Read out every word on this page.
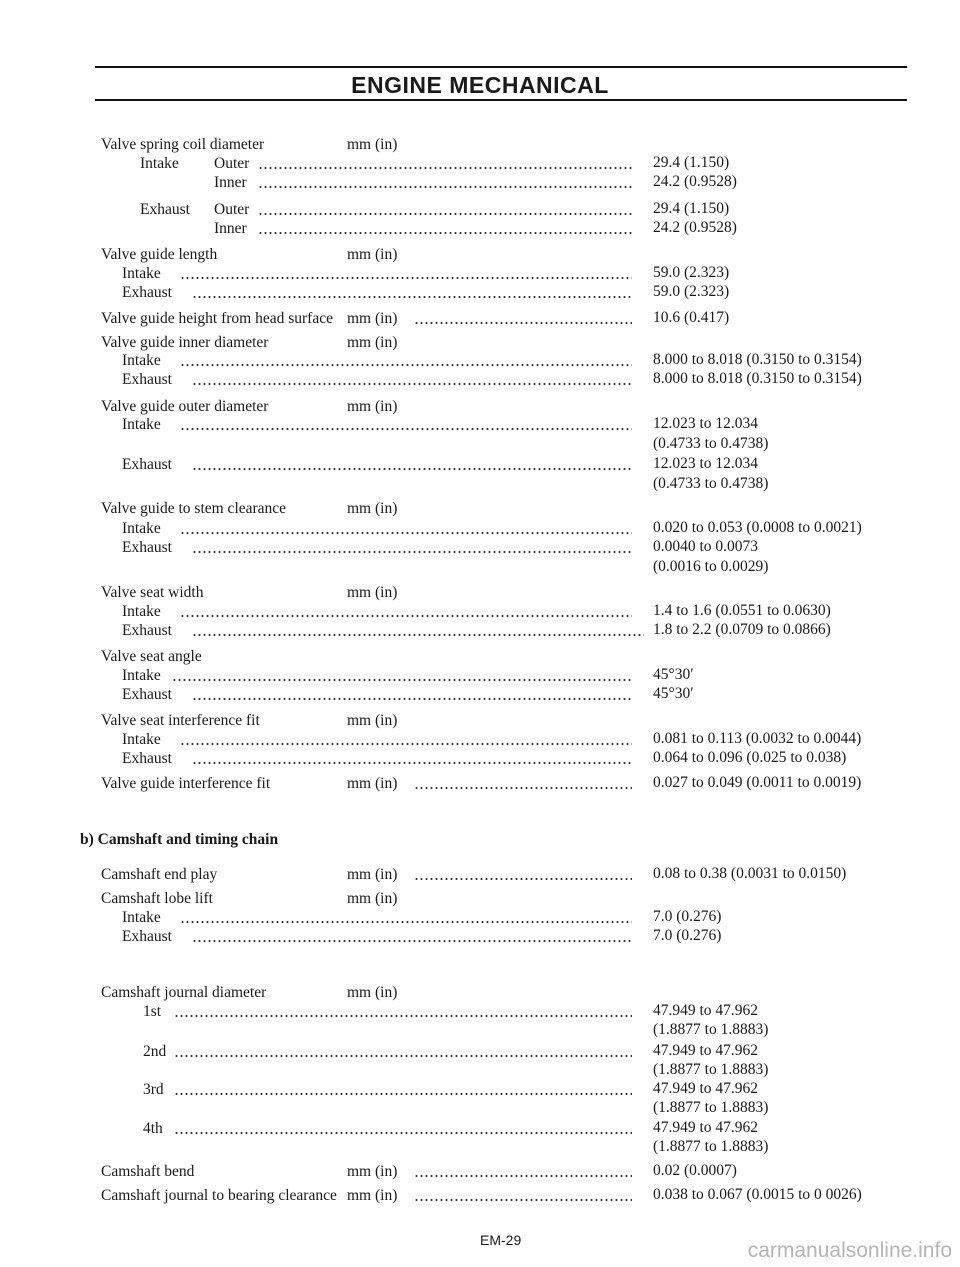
ENGINE MECHANICAL
Valve spring coil diameter	mm (in)
Intake Outer	29.4 (1.150)
Inner	24.2 (0.9528)
Exhaust Outer	29.4 (1.150)
Inner	24.2 (0.9528)
Valve guide length	mm (in)
Intake	59.0 (2.323)
Exhaust	59.0 (2.323)
Valve guide height from head surface mm (in)	10.6 (0.417)
Valve guide inner diameter	mm (in)
Intake	8.000 to 8.018 (0.3150 to 0.3154)
Exhaust	8.000 to 8.018 (0.3150 to 0.3154)
Valve guide outer diameter	mm (in)
Intake	12.023 to 12.034
(0.4733 to 0.4738)
Exhaust	12.023 to 12.034
(0.4733 to 0.4738)
Valve guide to stem clearance	mm (in)
Intake	0.020 to 0.053 (0.0008 to 0.0021)
Exhaust	0.0040 to 0.0073
(0.0016 to 0.0029)
Valve seat width	mm (in)
Intake	1.4 to 1.6 (0.0551 to 0.0630)
Exhaust	1.8 to 2.2 (0.0709 to 0.0866)
Valve seat angle
Intake	45°30′
Exhaust	45°30′
Valve seat interference fit	mm (in)
Intake	0.081 to 0.113 (0.0032 to 0.0044)
Exhaust	0.064 to 0.096 (0.025 to 0.038)
Valve guide interference fit	mm (in)	0.027 to 0.049 (0.0011 to 0.0019)
b) Camshaft and timing chain
Camshaft end play	mm (in)	0.08 to 0.38 (0.0031 to 0.0150)
Camshaft lobe lift	mm (in)
Intake	7.0 (0.276)
Exhaust	7.0 (0.276)
Camshaft journal diameter	mm (in)
1st	47.949 to 47.962
(1.8877 to 1.8883)
2nd	47.949 to 47.962
(1.8877 to 1.8883)
3rd	47.949 to 47.962
(1.8877 to 1.8883)
4th	47.949 to 47.962
(1.8877 to 1.8883)
Camshaft bend	mm (in)	0.02 (0.0007)
Camshaft journal to bearing clearance mm (in)	0.038 to 0.067 (0.0015 to 0 0026)
EM-29	carmanualsonline.info
